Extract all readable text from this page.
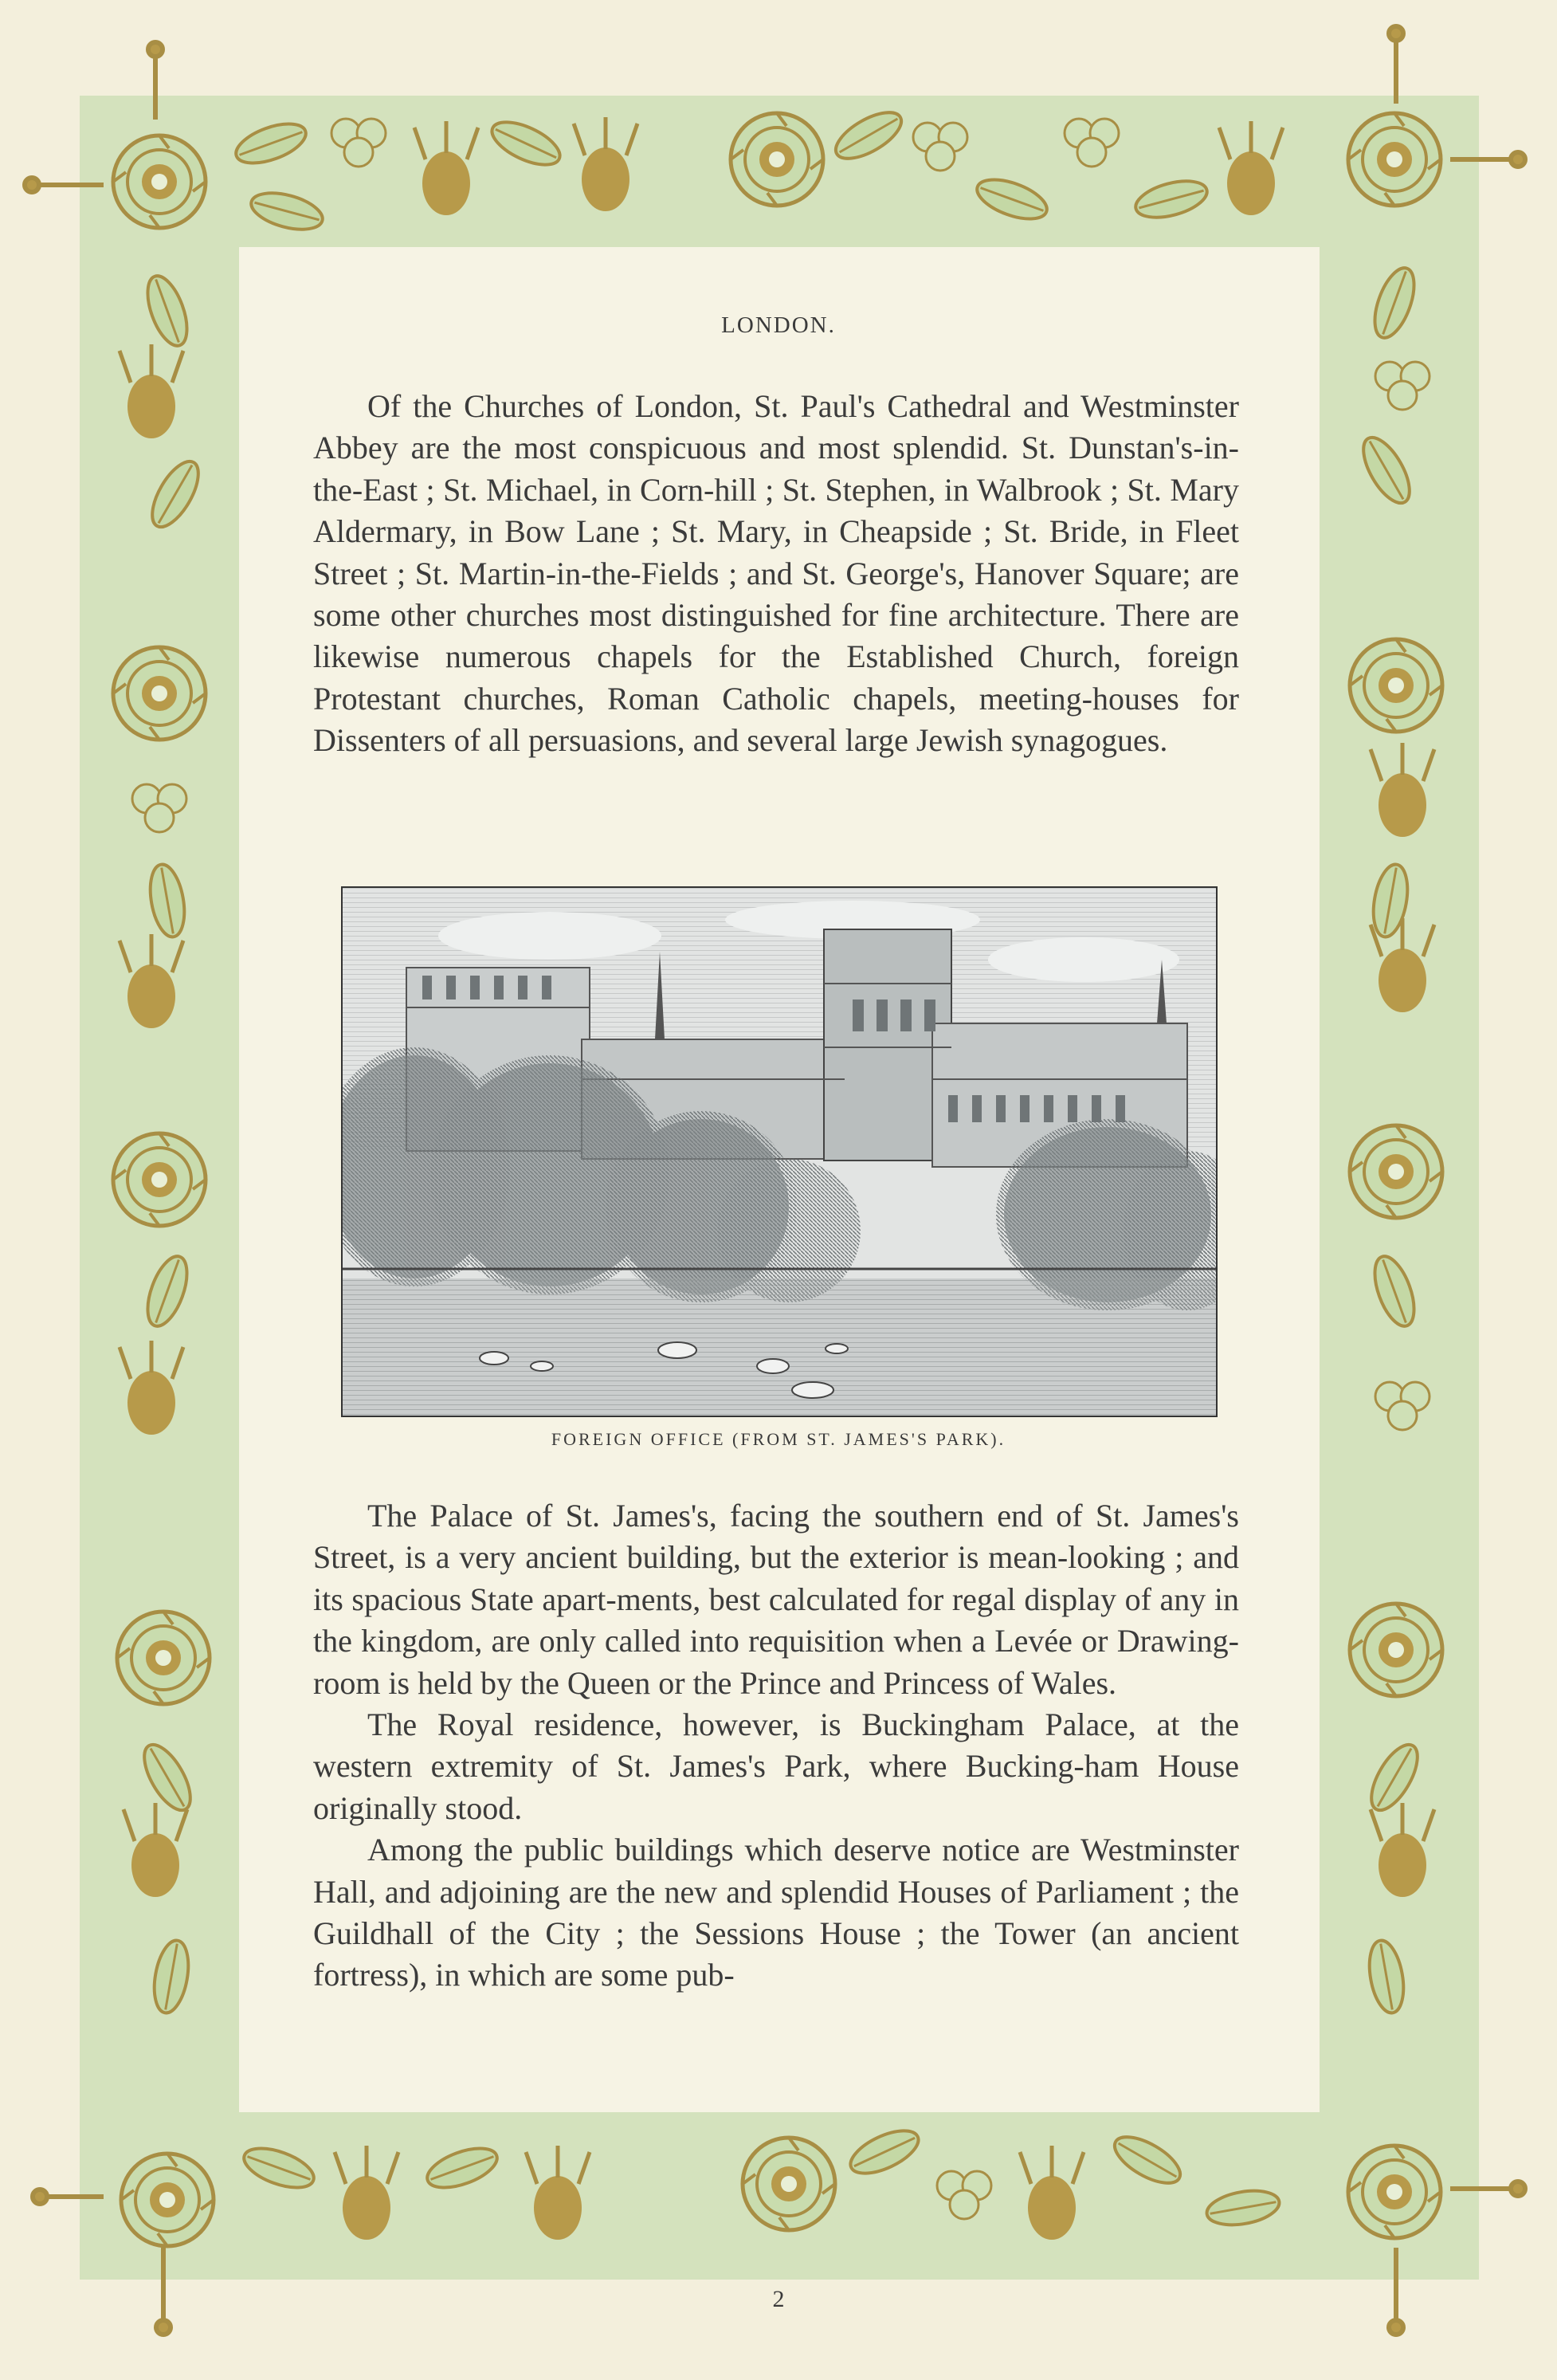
LONDON.

Of the Churches of London, St. Paul's Cathedral and Westminster Abbey are the most conspicuous and most splendid. St. Dunstan's-in-the-East ; St. Michael, in Corn-hill ; St. Stephen, in Walbrook ; St. Mary Aldermary, in Bow Lane ; St. Mary, in Cheapside ; St. Bride, in Fleet Street ; St. Martin-in-the-Fields ; and St. George's, Hanover Square; are some other churches most distinguished for fine architecture. There are likewise numerous chapels for the Established Church, foreign Protestant churches, Roman Catholic chapels, meeting-houses for Dissenters of all persuasions, and several large Jewish synagogues.

FOREIGN OFFICE (FROM ST. JAMES'S PARK).

The Palace of St. James's, facing the southern end of St. James's Street, is a very ancient building, but the exterior is mean-looking ; and its spacious State apart-ments, best calculated for regal display of any in the kingdom, are only called into requisition when a Levée or Drawing-room is held by the Queen or the Prince and Princess of Wales.

The Royal residence, however, is Buckingham Palace, at the western extremity of St. James's Park, where Bucking-ham House originally stood.

Among the public buildings which deserve notice are Westminster Hall, and adjoining are the new and splendid Houses of Parliament ; the Guildhall of the City ; the Sessions House ; the Tower (an ancient fortress), in which are some pub-

2
